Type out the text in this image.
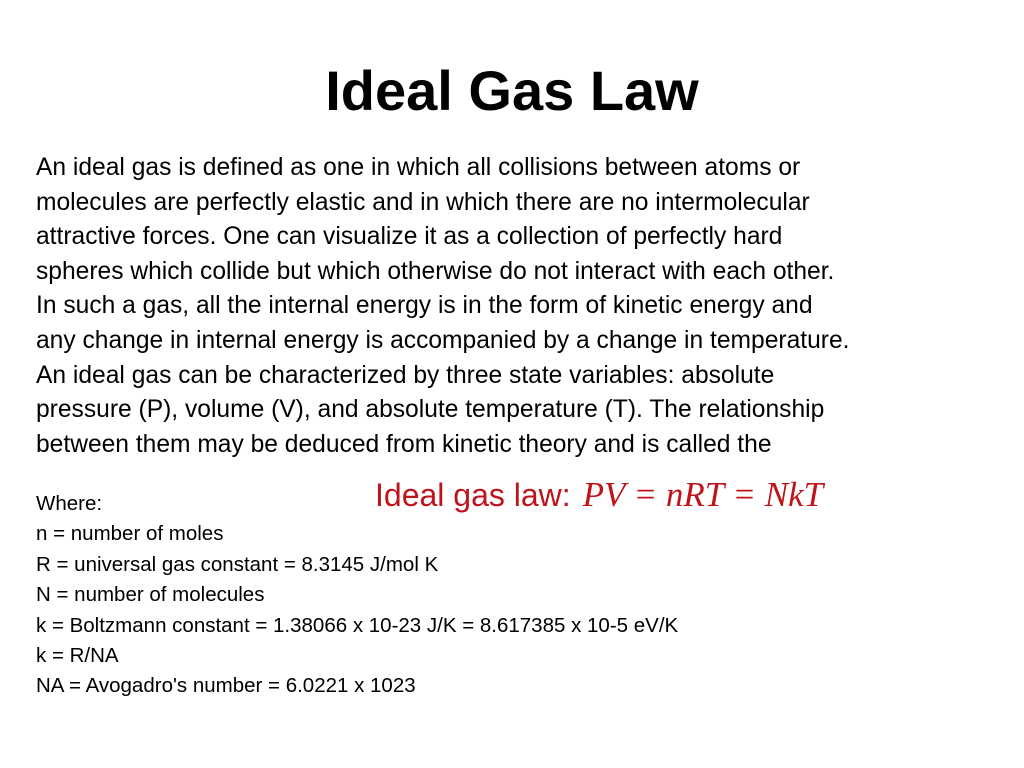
Ideal Gas Law

An ideal gas is defined as one in which all collisions between atoms or
molecules are perfectly elastic and in which there are no intermolecular
attractive forces. One can visualize it as a collection of perfectly hard
spheres which collide but which otherwise do not interact with each other.
In such a gas, all the internal energy is in the form of kinetic energy and
any change in internal energy is accompanied by a change in temperature.
An ideal gas can be characterized by three state variables: absolute
pressure (P), volume (V), and absolute temperature (T). The relationship
between them may be deduced from kinetic theory and is called the

Ideal gas law: PV = nRT = NkT
Where:
n = number of moles
R = universal gas constant = 8.3145 J/mol K
N = number of molecules
k = Boltzmann constant = 1.38066 x 10-23 J/K = 8.617385 x 10-5 eV/K
k = R/NA
NA = Avogadro's number = 6.0221 x 1023
